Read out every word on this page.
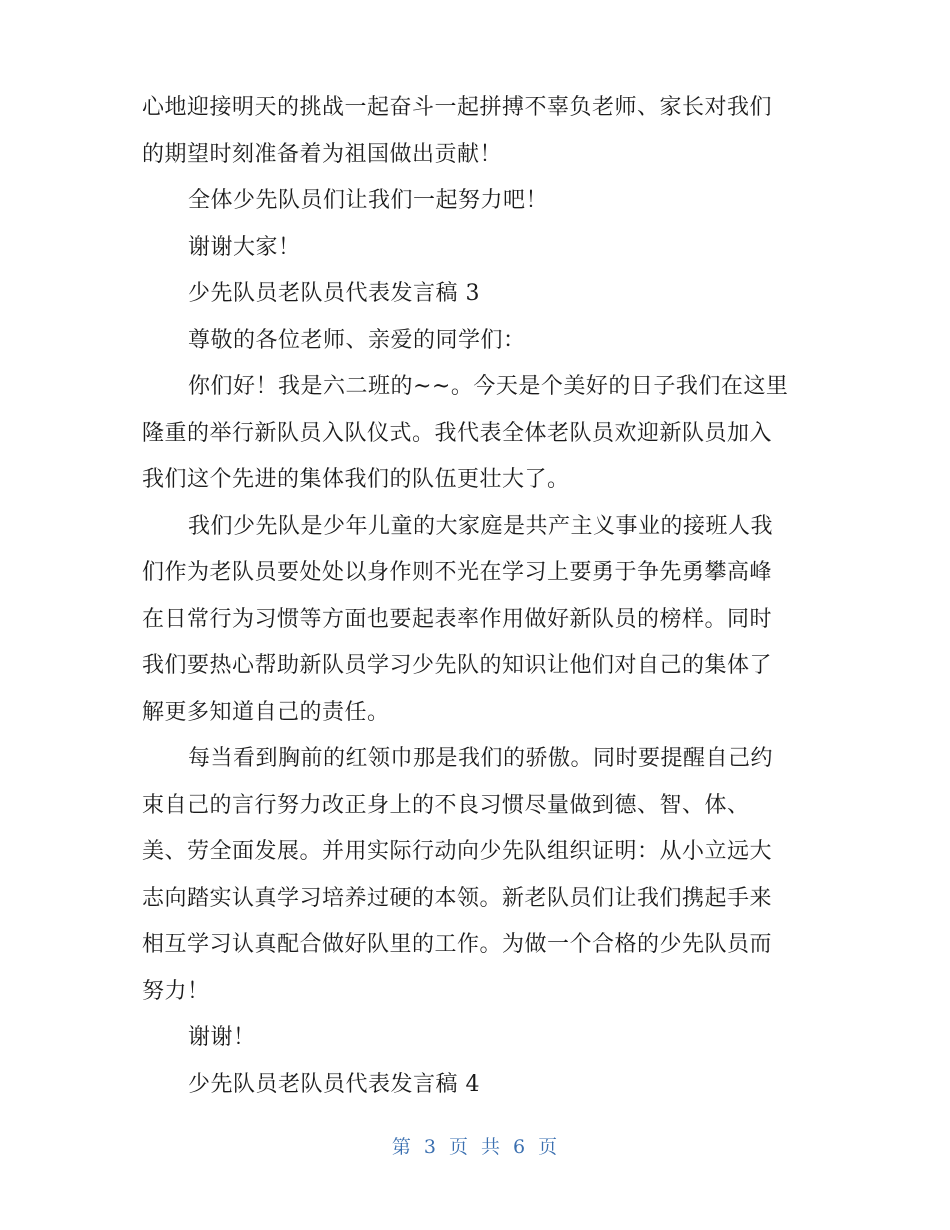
心地迎接明天的挑战一起奋斗一起拼搏不辜负老师、家长对我们
的期望时刻准备着为祖国做出贡献！

全体少先队员们让我们一起努力吧！

谢谢大家！

少先队员老队员代表发言稿 3

尊敬的各位老师、亲爱的同学们：

你们好！我是六二班的~~。今天是个美好的日子我们在这里
隆重的举行新队员入队仪式。我代表全体老队员欢迎新队员加入
我们这个先进的集体我们的队伍更壮大了。

我们少先队是少年儿童的大家庭是共产主义事业的接班人我
们作为老队员要处处以身作则不光在学习上要勇于争先勇攀高峰
在日常行为习惯等方面也要起表率作用做好新队员的榜样。同时
我们要热心帮助新队员学习少先队的知识让他们对自己的集体了
解更多知道自己的责任。

每当看到胸前的红领巾那是我们的骄傲。同时要提醒自己约
束自己的言行努力改正身上的不良习惯尽量做到德、智、体、
美、劳全面发展。并用实际行动向少先队组织证明：从小立远大
志向踏实认真学习培养过硬的本领。新老队员们让我们携起手来
相互学习认真配合做好队里的工作。为做一个合格的少先队员而
努力！

谢谢！

少先队员老队员代表发言稿 4

第 3 页 共 6 页
